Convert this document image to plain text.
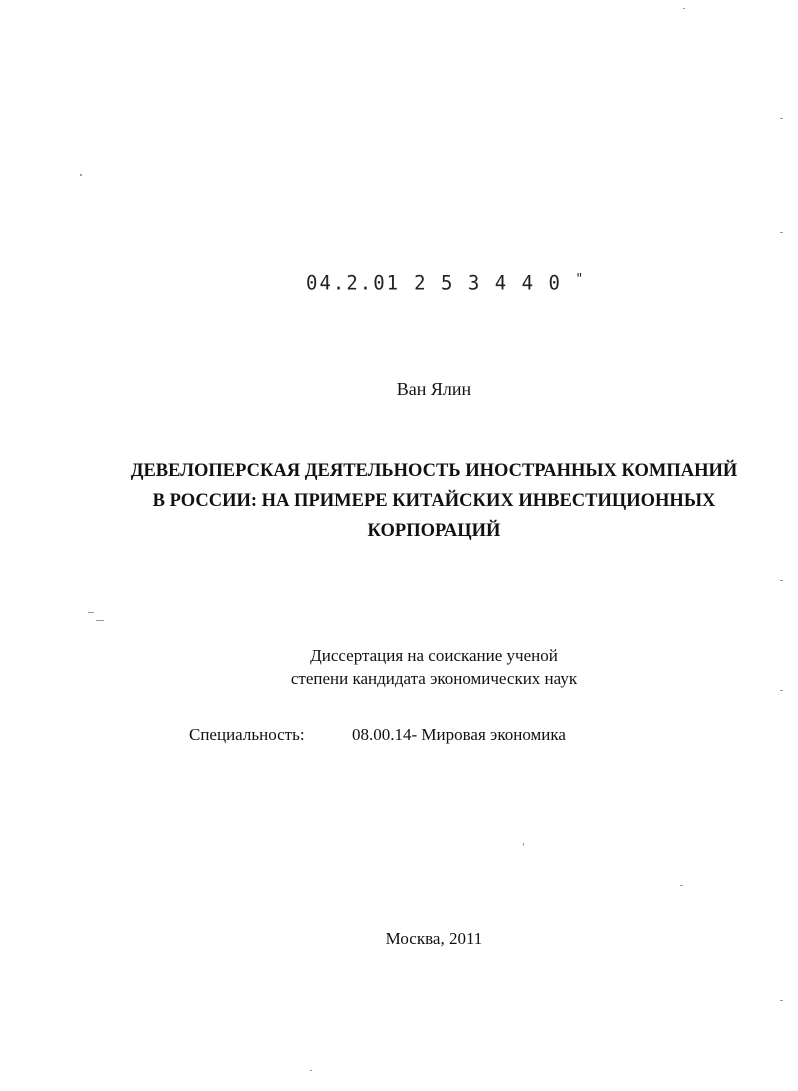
04.2.01 2 5 3 4 4 0 "
Ван Ялин
ДЕВЕЛОПЕРСКАЯ ДЕЯТЕЛЬНОСТЬ ИНОСТРАННЫХ КОМПАНИЙ
В РОССИИ: НА ПРИМЕРЕ КИТАЙСКИХ ИНВЕСТИЦИОННЫХ
КОРПОРАЦИЙ
Диссертация на соискание ученой
степени кандидата экономических наук
Специальность:	08.00.14- Мировая экономика
Москва, 2011
